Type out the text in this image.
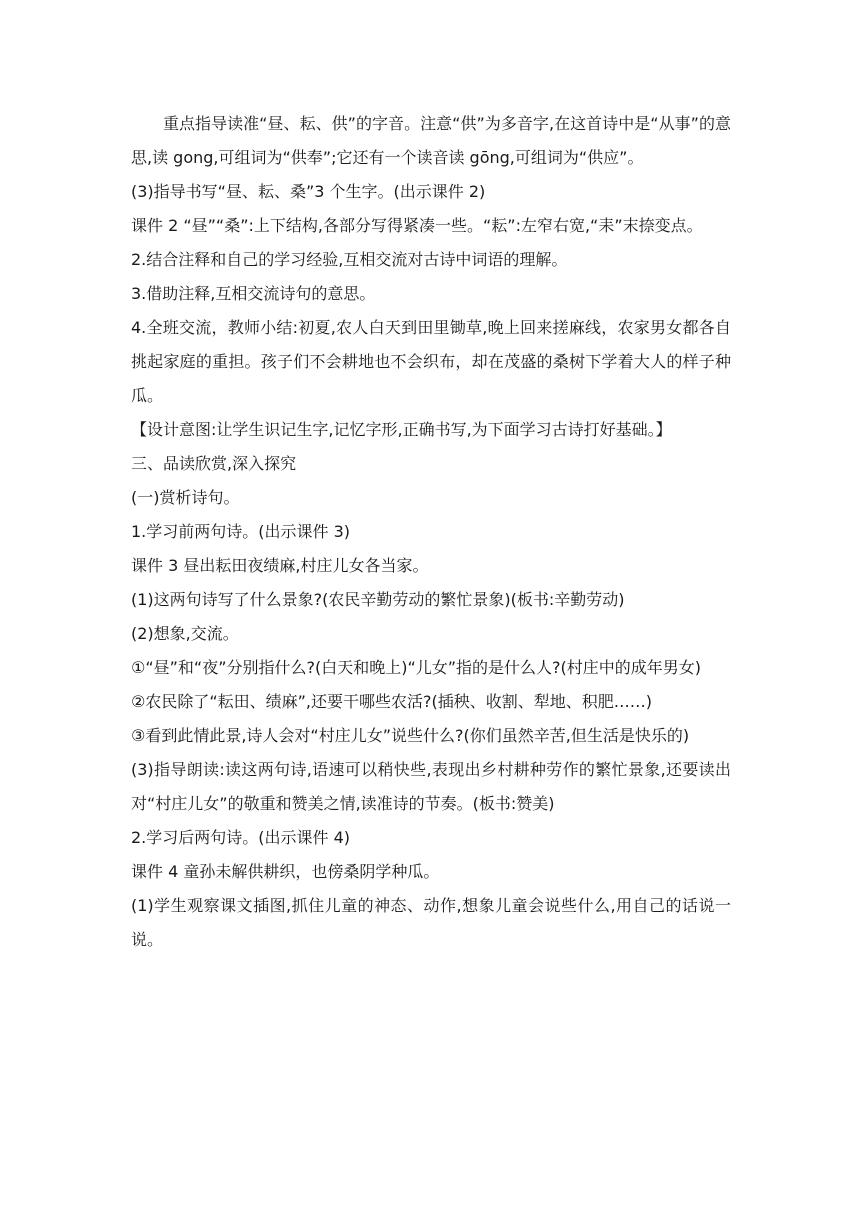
重点指导读准“昼、耘、供”的字音。注意“供”为多音字,在这首诗中是“从事”的意思,读 gong,可组词为“供奉”;它还有一个读音读 gōng,可组词为“供应”。

(3)指导书写“昼、耘、桑”3 个生字。(出示课件 2)

课件 2 “昼”“桑”:上下结构,各部分写得紧凑一些。“耘”:左窄右宽,“耒”末捺变点。

2.结合注释和自己的学习经验,互相交流对古诗中词语的理解。

3.借助注释,互相交流诗句的意思。

4.全班交流，教师小结:初夏,农人白天到田里锄草,晚上回来搓麻线，农家男女都各自挑起家庭的重担。孩子们不会耕地也不会织布，却在茂盛的桑树下学着大人的样子种瓜。

【设计意图:让学生识记生字,记忆字形,正确书写,为下面学习古诗打好基础。】

三、品读欣赏,深入探究

(一)赏析诗句。

1.学习前两句诗。(出示课件 3)

课件 3 昼出耘田夜绩麻,村庄儿女各当家。

(1)这两句诗写了什么景象?(农民辛勤劳动的繁忙景象)(板书:辛勤劳动)

(2)想象,交流。

①“昼”和“夜”分别指什么?(白天和晚上)“儿女”指的是什么人?(村庄中的成年男女)

②农民除了“耘田、绩麻”,还要干哪些农活?(插秧、收割、犁地、积肥……)

③看到此情此景,诗人会对“村庄儿女”说些什么?(你们虽然辛苦,但生活是快乐的)

(3)指导朗读:读这两句诗,语速可以稍快些,表现出乡村耕种劳作的繁忙景象,还要读出对“村庄儿女”的敬重和赞美之情,读准诗的节奏。(板书:赞美)

2.学习后两句诗。(出示课件 4)

课件 4 童孙未解供耕织，也傍桑阴学种瓜。

(1)学生观察课文插图,抓住儿童的神态、动作,想象儿童会说些什么,用自己的话说一说。
